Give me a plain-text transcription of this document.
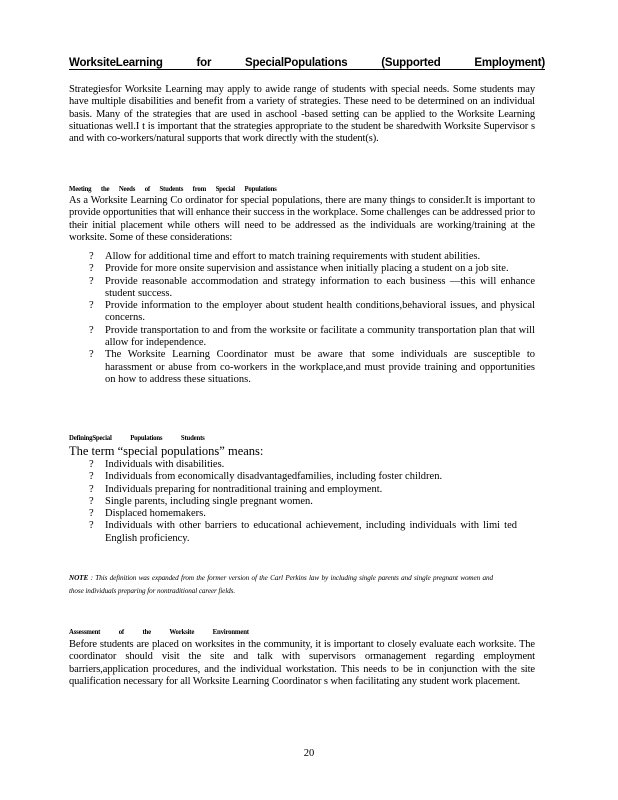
WorksiteLearning	for	SpecialPopulations	(Supported	Employment)

Strategiesfor Worksite Learning may apply to awide range of students with special needs. Some students may have multiple disabilities and benefit from a variety of strategies. These need to be determined on an individual basis. Many of the strategies that are used in aschool -based setting can be applied to the Worksite Learning situationas well.I t is important that the strategies appropriate to the student be sharedwith Worksite Supervisor s and with co-workers/natural supports that work directly with the student(s).

Meeting the Needs of Students from Special Populations

As a Worksite Learning Co ordinator for special populations, there are many things to consider.It is important to provide opportunities that will enhance their success in the workplace. Some challenges can be addressed prior to their initial placement while others will need to be addressed as the individuals are working/training at the worksite. Some of these considerations:

? Allow for additional time and effort to match training requirements with student abilities.
? Provide for more onsite supervision and assistance when initially placing a student on a job site.
? Provide reasonable accommodation and strategy information to each business —this will enhance student success.
? Provide information to the employer about student health conditions,behavioral issues, and physical concerns.
? Provide transportation to and from the worksite or facilitate a community transportation plan that will allow for independence.
? The Worksite Learning Coordinator must be aware that some individuals are susceptible to harassment or abuse from co-workers in the workplace,and must provide training and opportunities on how to address these situations.
DefiningSpecial Populations Students
The term “special populations” means:
? Individuals with disabilities.
? Individuals from economically disadvantagedfamilies, including foster children.
? Individuals preparing for nontraditional training and employment.
? Single parents, including single pregnant women.
? Displaced homemakers.
? Individuals with other barriers to educational achievement, including individuals with limi ted English proficiency.

NOTE : This definition was expanded from the former version of the Carl Perkins law by including single parents and single pregnant women and those individuals preparing for nontraditional career fields.

Assessment of the Worksite Environment

Before students are placed on worksites in the community, it is important to closely evaluate each worksite. The coordinator should visit the site and talk with supervisors ormanagement regarding employment barriers,application procedures, and the individual workstation. This needs to be in conjunction with the site qualification necessary for all Worksite Learning Coordinator s when facilitating any student work placement.

20
